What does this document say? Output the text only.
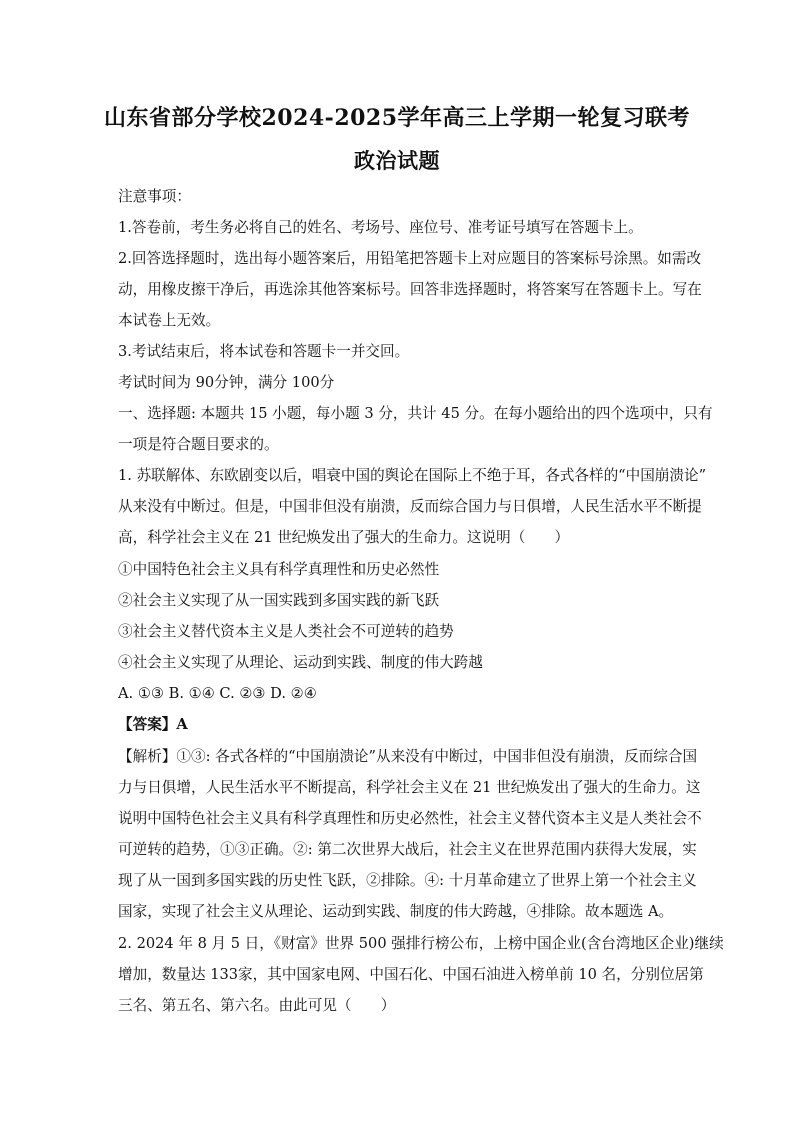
山东省部分学校2024-2025学年高三上学期一轮复习联考
政治试题
注意事项：
1.答卷前，考生务必将自己的姓名、考场号、座位号、准考证号填写在答题卡上。
2.回答选择题时，选出每小题答案后，用铅笔把答题卡上对应题目的答案标号涂黑。如需改
动，用橡皮擦干净后，再选涂其他答案标号。回答非选择题时，将答案写在答题卡上。写在
本试卷上无效。
3.考试结束后，将本试卷和答题卡一并交回。
考试时间为 90分钟，满分 100分
一、选择题: 本题共 15 小题，每小题 3 分，共计 45 分。在每小题给出的四个选项中，只有
一项是符合题目要求的。
1. 苏联解体、东欧剧变以后，唱衰中国的舆论在国际上不绝于耳，各式各样的“中国崩溃论”
从来没有中断过。但是，中国非但没有崩溃，反而综合国力与日俱增，人民生活水平不断提
高，科学社会主义在 21 世纪焕发出了强大的生命力。这说明（　　）
①中国特色社会主义具有科学真理性和历史必然性
②社会主义实现了从一国实践到多国实践的新飞跃
③社会主义替代资本主义是人类社会不可逆转的趋势
④社会主义实现了从理论、运动到实践、制度的伟大跨越
A. ①③ B. ①④ C. ②③ D. ②④
【答案】A
【解析】①③: 各式各样的“中国崩溃论”从来没有中断过，中国非但没有崩溃，反而综合国
力与日俱增，人民生活水平不断提高，科学社会主义在 21 世纪焕发出了强大的生命力。这
说明中国特色社会主义具有科学真理性和历史必然性，社会主义替代资本主义是人类社会不
可逆转的趋势，①③正确。②: 第二次世界大战后，社会主义在世界范围内获得大发展，实
现了从一国到多国实践的历史性飞跃，②排除。④: 十月革命建立了世界上第一个社会主义
国家，实现了社会主义从理论、运动到实践、制度的伟大跨越，④排除。故本题选 A。
2. 2024 年 8 月 5 日，《财富》世界 500 强排行榜公布，上榜中国企业(含台湾地区企业)继续
增加，数量达 133家，其中国家电网、中国石化、中国石油进入榜单前 10 名，分别位居第
三名、第五名、第六名。由此可见（　　）
